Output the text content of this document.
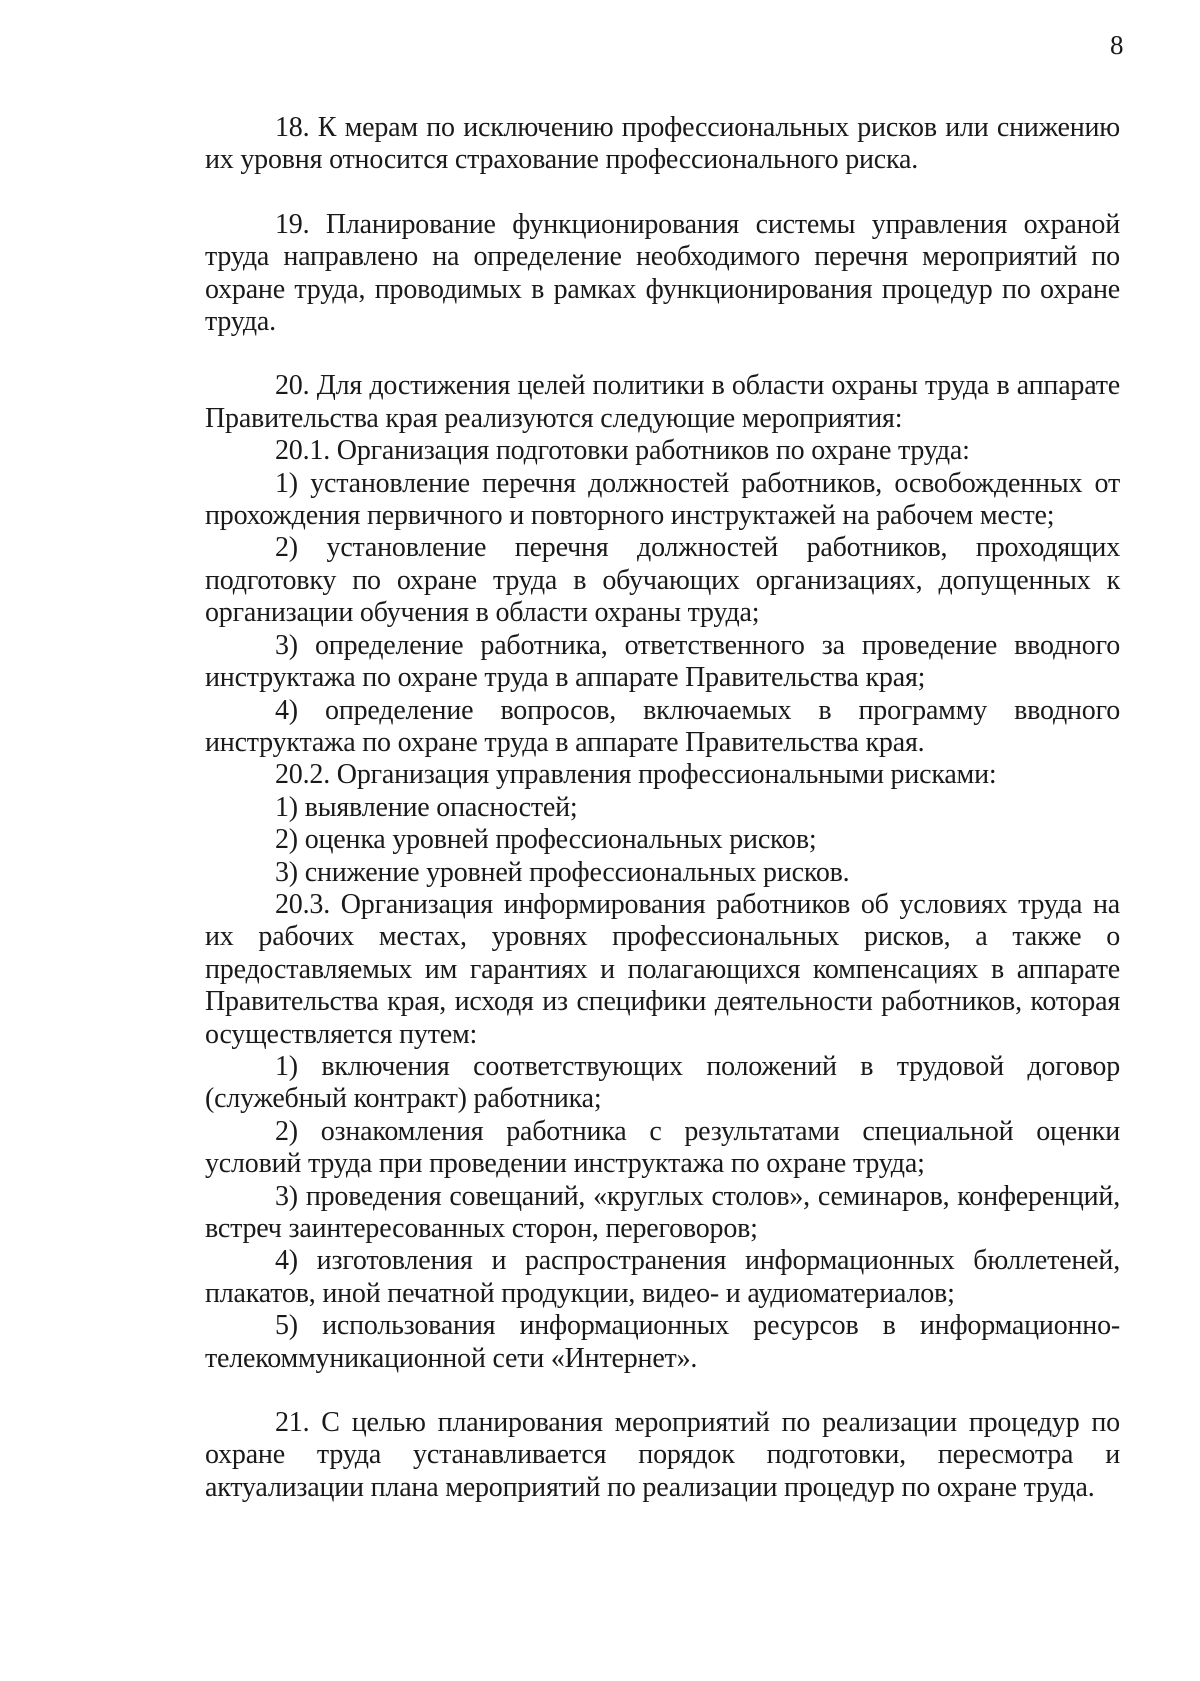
8

18. К мерам по исключению профессиональных рисков или снижению их уровня относится страхование профессионального риска.

19. Планирование функционирования системы управления охраной труда направлено на определение необходимого перечня мероприятий по охране труда, проводимых в рамках функционирования процедур по охране труда.

20. Для достижения целей политики в области охраны труда в аппарате Правительства края реализуются следующие мероприятия:

20.1. Организация подготовки работников по охране труда:

1) установление перечня должностей работников, освобожденных от прохождения первичного и повторного инструктажей на рабочем месте;

2) установление перечня должностей работников, проходящих подготовку по охране труда в обучающих организациях, допущенных к организации обучения в области охраны труда;

3) определение работника, ответственного за проведение вводного инструктажа по охране труда в аппарате Правительства края;

4) определение вопросов, включаемых в программу вводного инструктажа по охране труда в аппарате Правительства края.

20.2. Организация управления профессиональными рисками:

1) выявление опасностей;

2) оценка уровней профессиональных рисков;

3) снижение уровней профессиональных рисков.

20.3. Организация информирования работников об условиях труда на их рабочих местах, уровнях профессиональных рисков, а также о предоставляемых им гарантиях и полагающихся компенсациях в аппарате Правительства края, исходя из специфики деятельности работников, которая осуществляется путем:

1) включения соответствующих положений в трудовой договор (служебный контракт) работника;

2) ознакомления работника с результатами специальной оценки условий труда при проведении инструктажа по охране труда;

3) проведения совещаний, «круглых столов», семинаров, конференций, встреч заинтересованных сторон, переговоров;

4) изготовления и распространения информационных бюллетеней, плакатов, иной печатной продукции, видео- и аудиоматериалов;

5) использования информационных ресурсов в информационно-телекоммуникационной сети «Интернет».

21. С целью планирования мероприятий по реализации процедур по охране труда устанавливается порядок подготовки, пересмотра и актуализации плана мероприятий по реализации процедур по охране труда.
